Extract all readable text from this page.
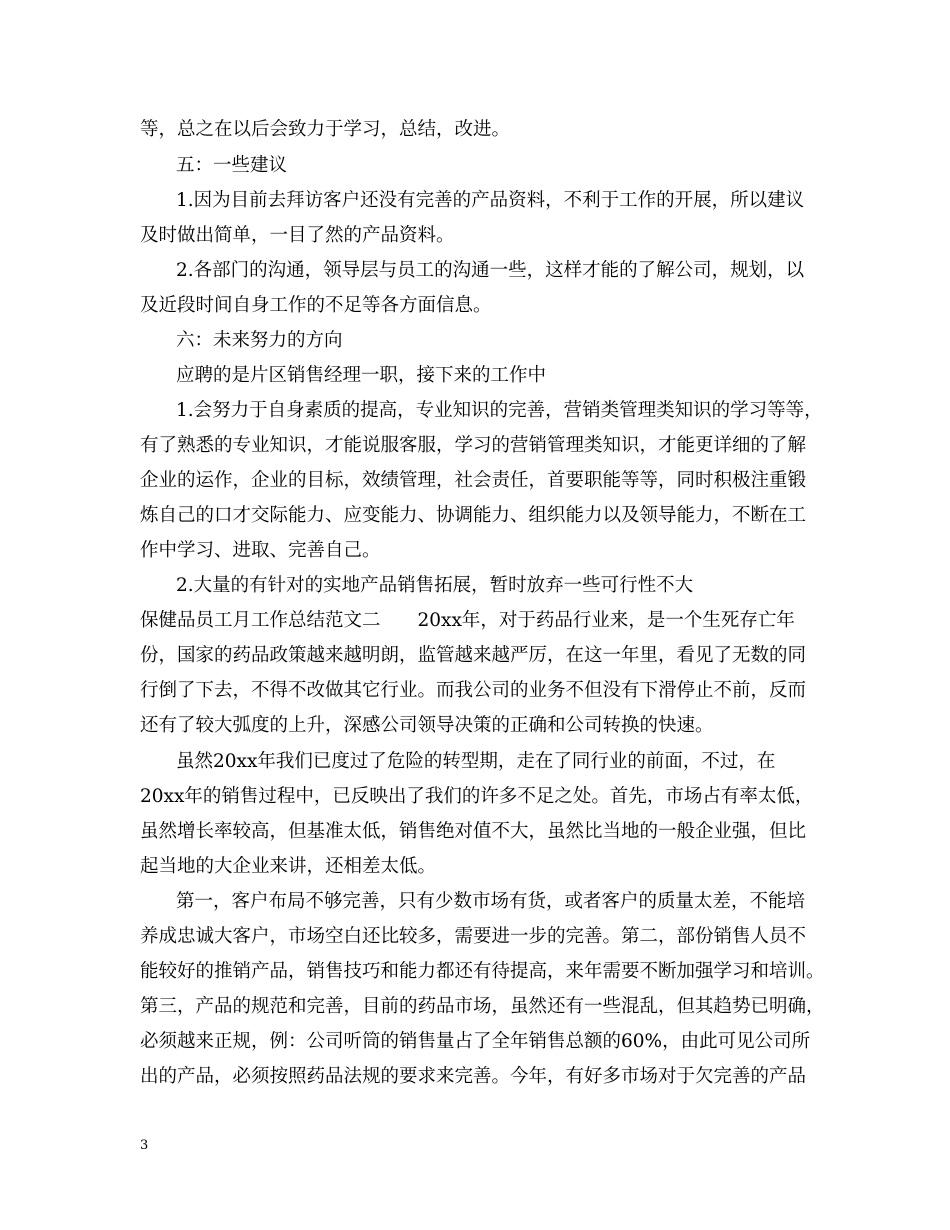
等，总之在以后会致力于学习，总结，改进。
五：一些建议
1.因为目前去拜访客户还没有完善的产品资料，不利于工作的开展，所以建议
及时做出简单，一目了然的产品资料。
2.各部门的沟通，领导层与员工的沟通一些，这样才能的了解公司，规划，以
及近段时间自身工作的不足等各方面信息。
六：未来努力的方向
应聘的是片区销售经理一职，接下来的工作中
1.会努力于自身素质的提高，专业知识的完善，营销类管理类知识的学习等等，
有了熟悉的专业知识，才能说服客服，学习的营销管理类知识，才能更详细的了解
企业的运作，企业的目标，效绩管理，社会责任，首要职能等等，同时积极注重锻
炼自己的口才交际能力、应变能力、协调能力、组织能力以及领导能力，不断在工
作中学习、进取、完善自己。
2.大量的有针对的实地产品销售拓展，暂时放弃一些可行性不大
保健品员工月工作总结范文二　　20xx年，对于药品行业来，是一个生死存亡年
份，国家的药品政策越来越明朗，监管越来越严厉，在这一年里，看见了无数的同
行倒了下去，不得不改做其它行业。而我公司的业务不但没有下滑停止不前，反而
还有了较大弧度的上升，深感公司领导决策的正确和公司转换的快速。
虽然20xx年我们已度过了危险的转型期，走在了同行业的前面，不过，在
20xx年的销售过程中，已反映出了我们的许多不足之处。首先，市场占有率太低，
虽然增长率较高，但基准太低，销售绝对值不大，虽然比当地的一般企业强，但比
起当地的大企业来讲，还相差太低。
第一，客户布局不够完善，只有少数市场有货，或者客户的质量太差，不能培
养成忠诚大客户，市场空白还比较多，需要进一步的完善。第二，部份销售人员不
能较好的推销产品，销售技巧和能力都还有待提高，来年需要不断加强学习和培训。
第三，产品的规范和完善，目前的药品市场，虽然还有一些混乱，但其趋势已明确，
必须越来正规，例：公司听筒的销售量占了全年销售总额的60%，由此可见公司所
出的产品，必须按照药品法规的要求来完善。今年，有好多市场对于欠完善的产品
3
